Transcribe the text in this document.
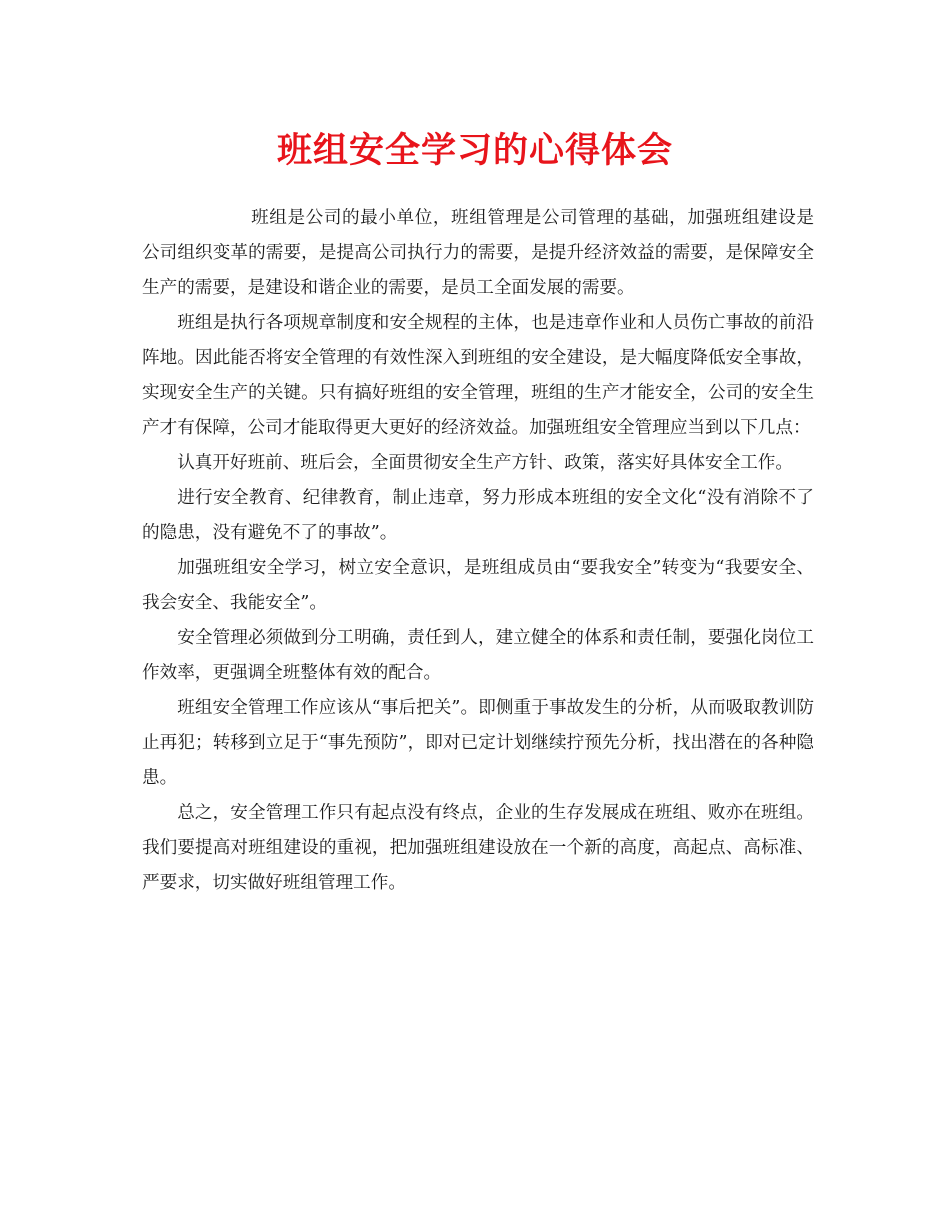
班组安全学习的心得体会

班组是公司的最小单位，班组管理是公司管理的基础，加强班组建设是公司组织变革的需要，是提高公司执行力的需要，是提升经济效益的需要，是保障安全生产的需要，是建设和谐企业的需要，是员工全面发展的需要。

班组是执行各项规章制度和安全规程的主体，也是违章作业和人员伤亡事故的前沿阵地。因此能否将安全管理的有效性深入到班组的安全建设，是大幅度降低安全事故，实现安全生产的关键。只有搞好班组的安全管理，班组的生产才能安全，公司的安全生产才有保障，公司才能取得更大更好的经济效益。加强班组安全管理应当到以下几点：

认真开好班前、班后会，全面贯彻安全生产方针、政策，落实好具体安全工作。

进行安全教育、纪律教育，制止违章，努力形成本班组的安全文化“没有消除不了的隐患，没有避免不了的事故”。

加强班组安全学习，树立安全意识，是班组成员由“要我安全”转变为“我要安全、我会安全、我能安全”。

安全管理必须做到分工明确，责任到人，建立健全的体系和责任制，要强化岗位工作效率，更强调全班整体有效的配合。

班组安全管理工作应该从“事后把关”。即侧重于事故发生的分析，从而吸取教训防止再犯；转移到立足于“事先预防”，即对已定计划继续拧预先分析，找出潜在的各种隐患。

总之，安全管理工作只有起点没有终点，企业的生存发展成在班组、败亦在班组。我们要提高对班组建设的重视，把加强班组建设放在一个新的高度，高起点、高标准、严要求，切实做好班组管理工作。
